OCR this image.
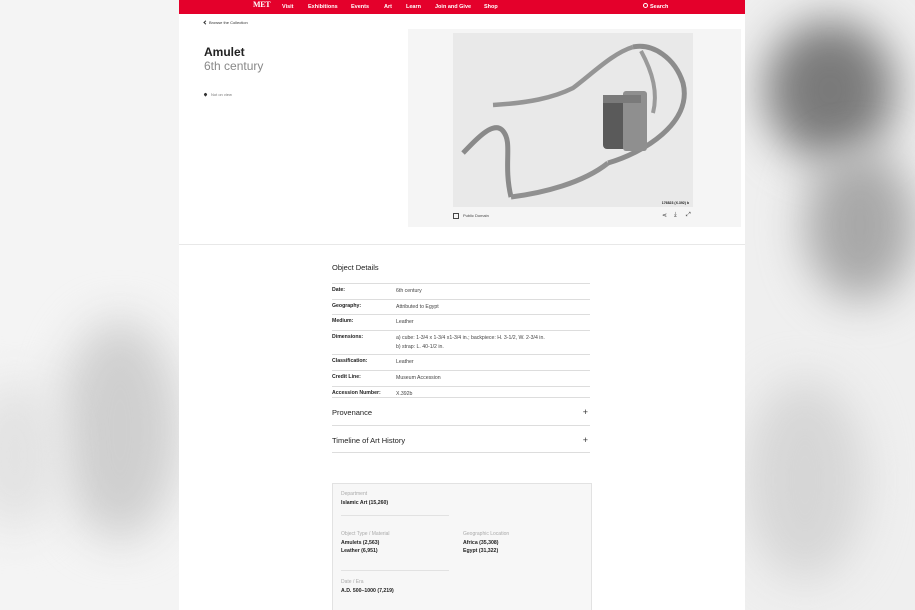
MET Visit	Exhibitions Events	Art	Learn	Join and Give Shop	Search
Browse the Collection
Amulet
6th century
Not on view
176823 (X.392) b
Public Domain	⋖ ⤓ ⤢
Object Details
Date:	6th century
Geography:	Attributed to Egypt
Medium:	Leather
Dimensions:	a) cube: 1-3/4 x 1-3/4 x1-3/4 in.; backpiece: H. 3-1/2, W. 2-3/4 in.
b) strap: L. 40-1/2 in.
Classification:	Leather
Credit Line:	Museum Accession
Accession Number:	X.392b
Provenance	+
Timeline of Art History	+
Department
Islamic Art (15,260)
Object Type / Material
Amulets (2,563)
Leather (6,951)
Geographic Location
Africa (35,308)
Egypt (31,322)
Date / Era
A.D. 500–1000 (7,219)
